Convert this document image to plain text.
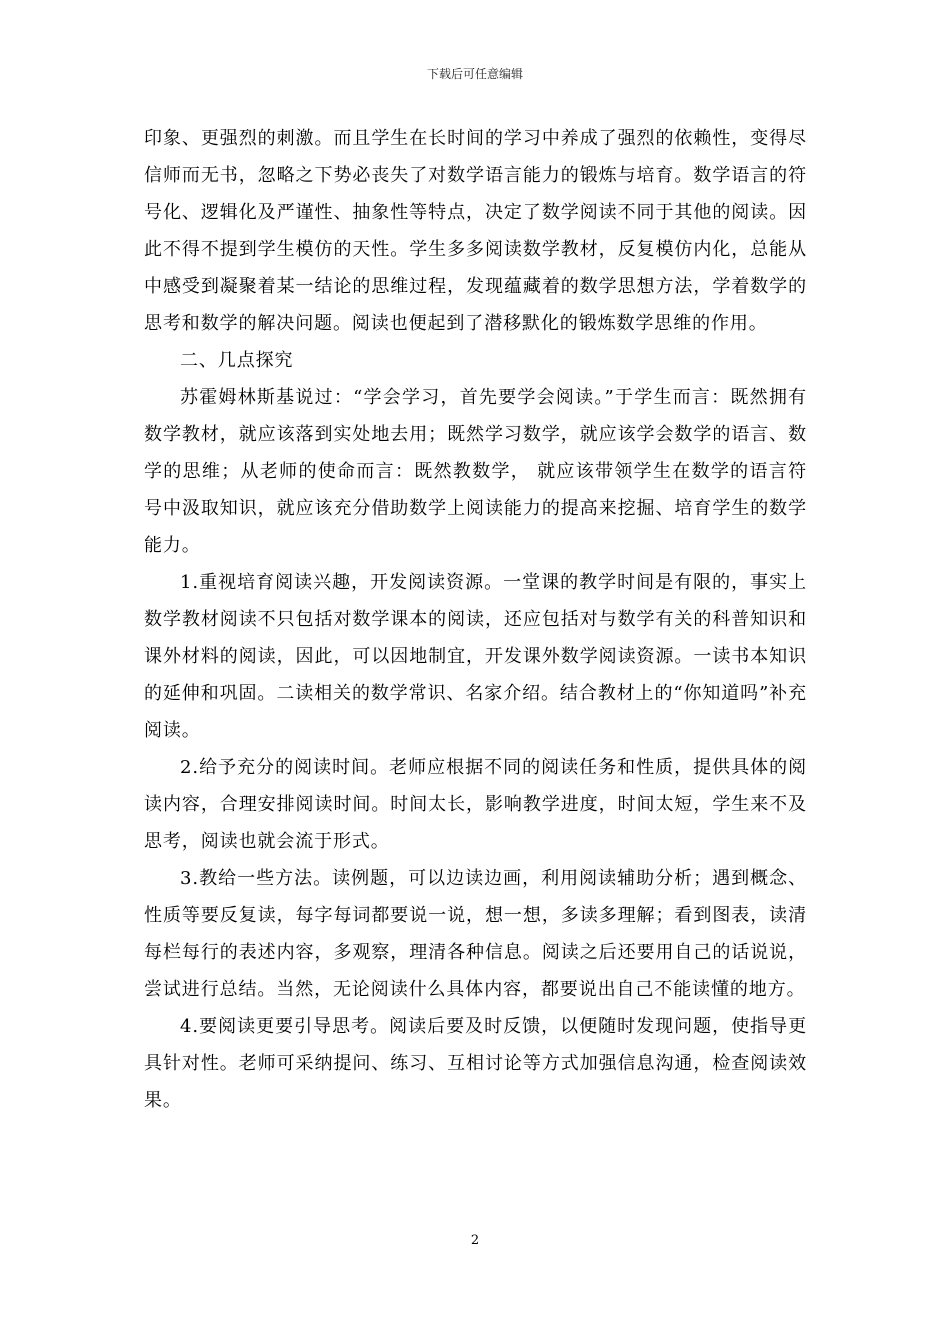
下载后可任意编辑

印象、更强烈的刺激。而且学生在长时间的学习中养成了强烈的依赖性，变得尽信师而无书，忽略之下势必丧失了对数学语言能力的锻炼与培育。数学语言的符号化、逻辑化及严谨性、抽象性等特点，决定了数学阅读不同于其他的阅读。因此不得不提到学生模仿的天性。学生多多阅读数学教材，反复模仿内化，总能从中感受到凝聚着某一结论的思维过程，发现蕴藏着的数学思想方法，学着数学的思考和数学的解决问题。阅读也便起到了潜移默化的锻炼数学思维的作用。

二、几点探究

苏霍姆林斯基说过：“学会学习，首先要学会阅读。”于学生而言：既然拥有数学教材，就应该落到实处地去用；既然学习数学，就应该学会数学的语言、数学的思维；从老师的使命而言：既然教数学， 就应该带领学生在数学的语言符号中汲取知识，就应该充分借助数学上阅读能力的提高来挖掘、培育学生的数学能力。

1.重视培育阅读兴趣，开发阅读资源。一堂课的教学时间是有限的，事实上数学教材阅读不只包括对数学课本的阅读，还应包括对与数学有关的科普知识和课外材料的阅读，因此，可以因地制宜，开发课外数学阅读资源。一读书本知识的延伸和巩固。二读相关的数学常识、名家介绍。结合教材上的“你知道吗”补充阅读。

2.给予充分的阅读时间。老师应根据不同的阅读任务和性质，提供具体的阅读内容，合理安排阅读时间。时间太长，影响教学进度，时间太短，学生来不及思考，阅读也就会流于形式。

3.教给一些方法。读例题，可以边读边画，利用阅读辅助分析；遇到概念、性质等要反复读，每字每词都要说一说，想一想，多读多理解；看到图表，读清每栏每行的表述内容，多观察，理清各种信息。阅读之后还要用自己的话说说，尝试进行总结。当然，无论阅读什么具体内容，都要说出自己不能读懂的地方。

4.要阅读更要引导思考。阅读后要及时反馈，以便随时发现问题，使指导更具针对性。老师可采纳提问、练习、互相讨论等方式加强信息沟通，检查阅读效果。

2
